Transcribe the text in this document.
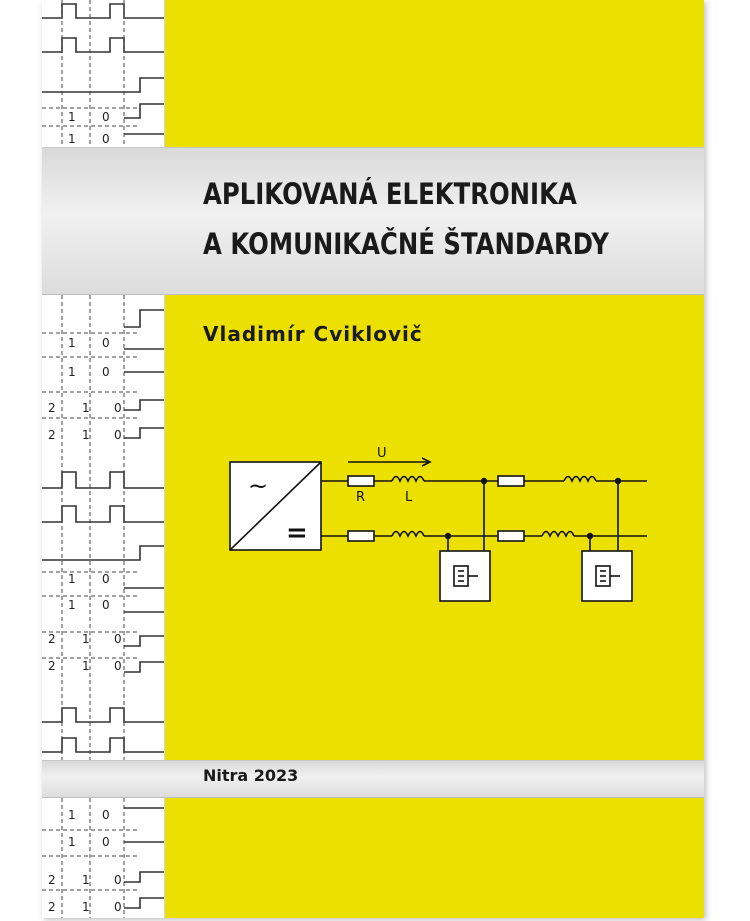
1 0
1 0
1 0
1 0
2 1 0
2 1 0
1 0
1 0
2 1 0
2 1 0
1 0
1 0
2 1 0
2 1 0
APLIKOVANÁ ELEKTRONIKA
A KOMUNIKAČNÉ ŠTANDARDY

Vladimír Cviklovič

~
=
U
R	L

Nitra 2023
